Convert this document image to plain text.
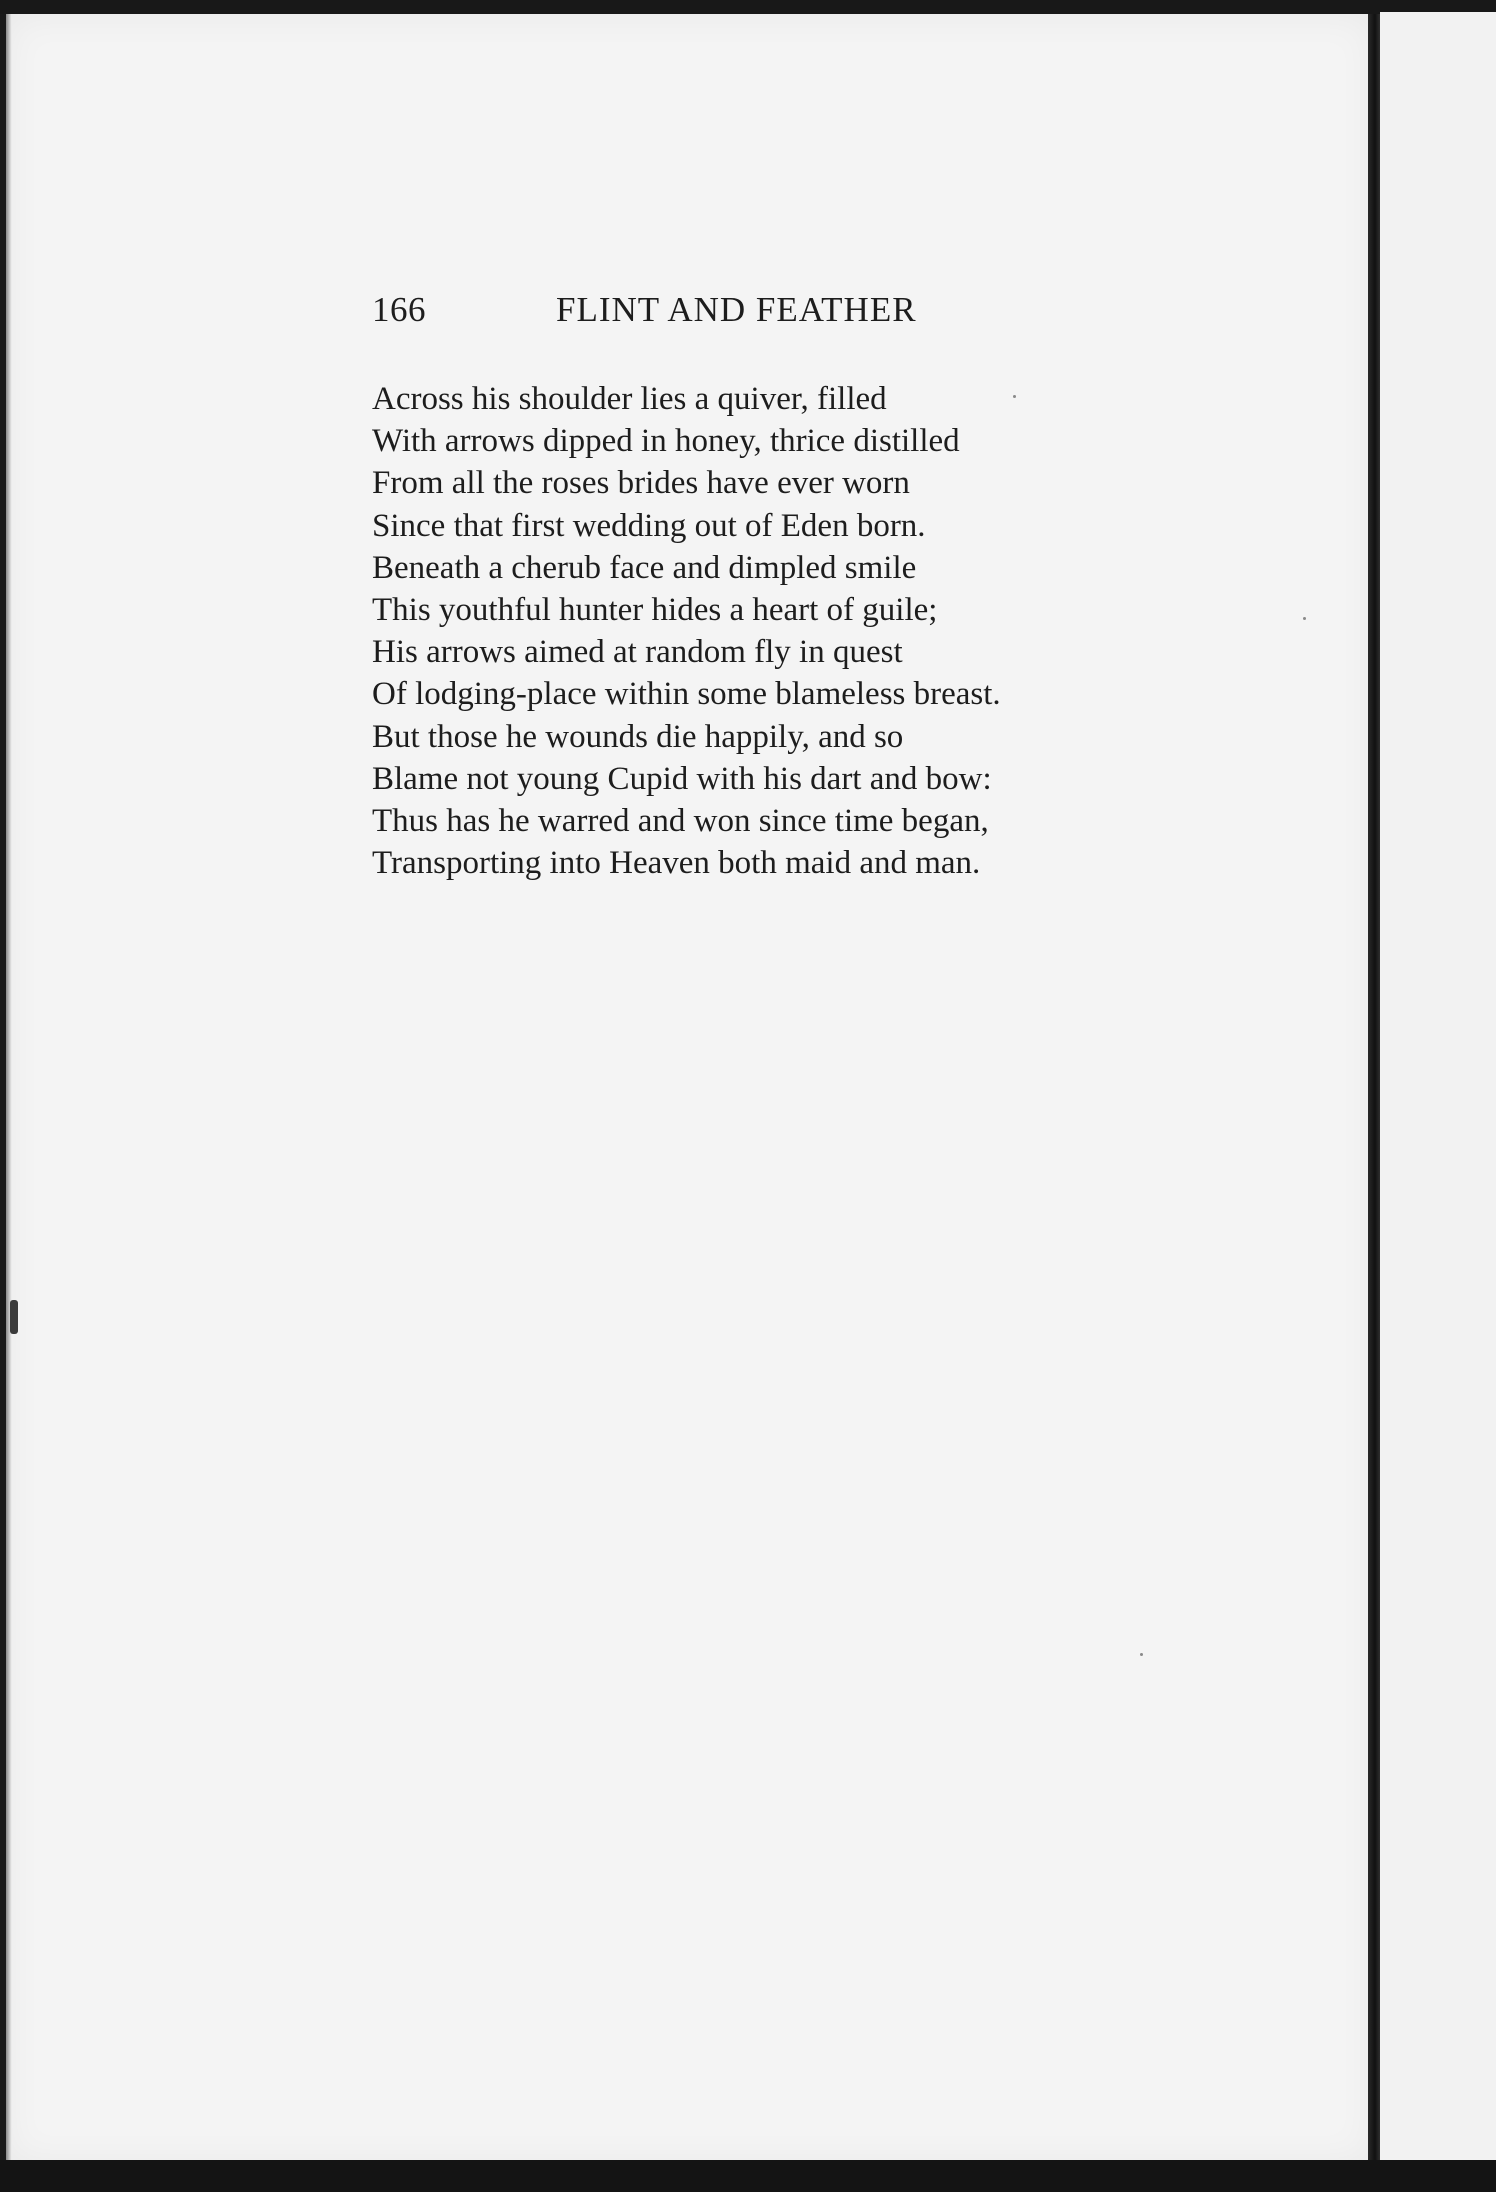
166	FLINT AND FEATHER
Across his shoulder lies a quiver, filled
With arrows dipped in honey, thrice distilled
From all the roses brides have ever worn
Since that first wedding out of Eden born.
Beneath a cherub face and dimpled smile
This youthful hunter hides a heart of guile;
His arrows aimed at random fly in quest
Of lodging-place within some blameless breast.
But those he wounds die happily, and so
Blame not young Cupid with his dart and bow:
Thus has he warred and won since time began,
Transporting into Heaven both maid and man.
